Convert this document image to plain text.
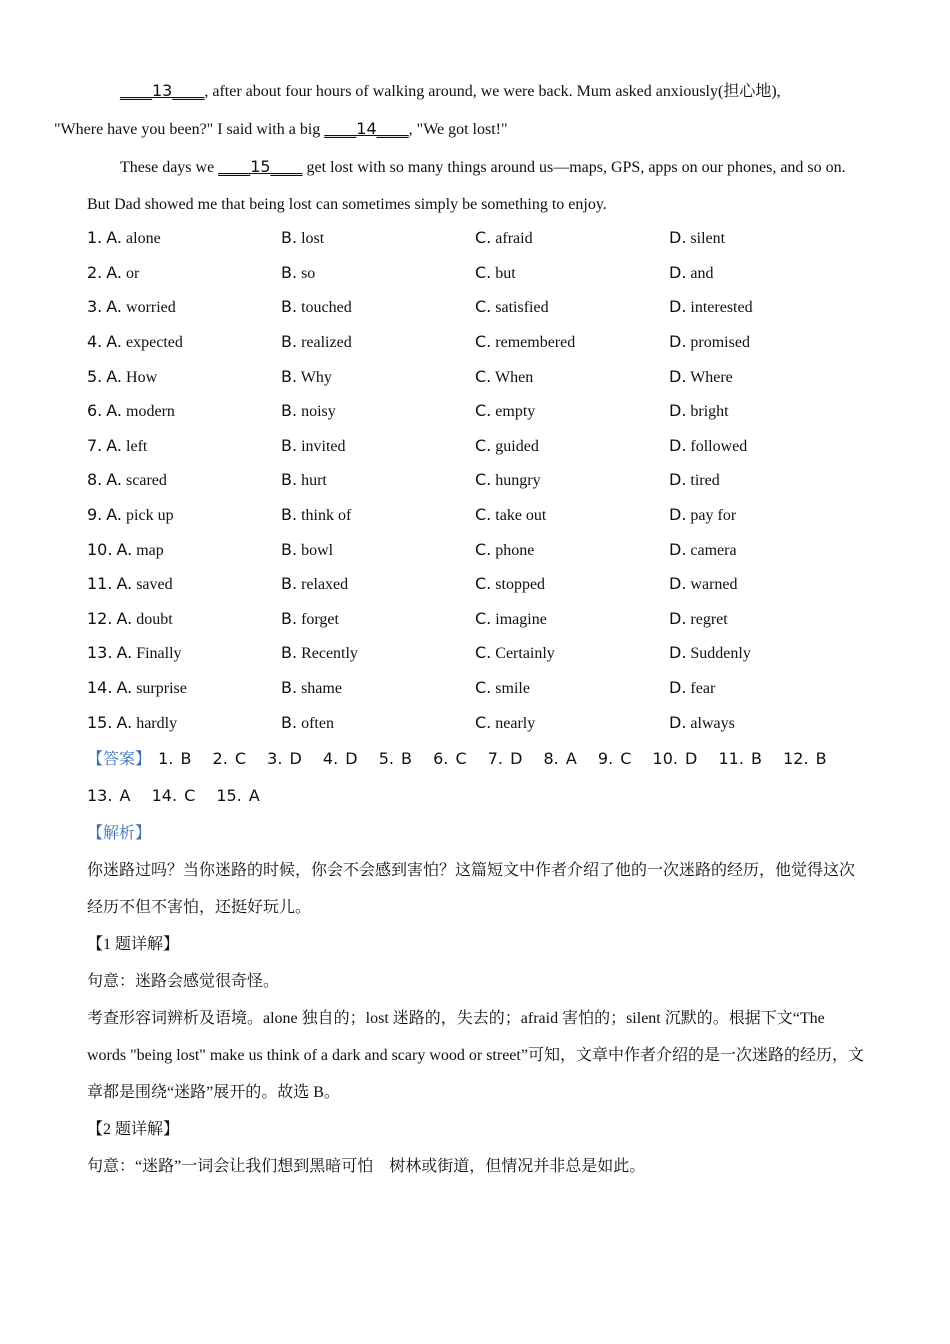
____13____, after about four hours of walking around, we were back. Mum asked anxiously(担心地),
"Where have you been?" I said with a big ____14____, "We got lost!"

These days we ____15____ get lost with so many things around us—maps, GPS, apps on our phones, and so on. But Dad showed me that being lost can sometimes simply be something to enjoy.

1. A. alone	B. lost	C. afraid	D. silent
2. A. or	B. so	C. but	D. and
3. A. worried	B. touched	C. satisfied	D. interested
4. A. expected	B. realized	C. remembered	D. promised
5. A. How	B. Why	C. When	D. Where
6. A. modern	B. noisy	C. empty	D. bright
7. A. left	B. invited	C. guided	D. followed
8. A. scared	B. hurt	C. hungry	D. tired
9. A. pick up	B. think of	C. take out	D. pay for
10. A. map	B. bowl	C. phone	D. camera
11. A. saved	B. relaxed	C. stopped	D. warned
12. A. doubt	B. forget	C. imagine	D. regret
13. A. Finally	B. Recently	C. Certainly	D. Suddenly
14. A. surprise	B. shame	C. smile	D. fear
15. A. hardly	B. often	C. nearly	D. always
【答案】 1. B 2. C 3. D 4. D 5. B 6. C 7. D 8. A 9. C 10. D 11. B 12. B 13. A 14. C 15. A

【解析】

你迷路过吗？当你迷路的时候，你会不会感到害怕？这篇短文中作者介绍了他的一次迷路的经历，他觉得这次经历不但不害怕，还挺好玩儿。

【1 题详解】

句意：迷路会感觉很奇怪。

考查形容词辨析及语境。alone 独自的；lost 迷路的，失去的；afraid 害怕的；silent 沉默的。根据下文“The words "being lost" make us think of a dark and scary wood or street”可知，文章中作者介绍的是一次迷路的经历，文章都是围绕“迷路”展开的。故选 B。

【2 题详解】

句意：“迷路”一词会让我们想到黑暗可怕　树林或街道，但情况并非总是如此。
